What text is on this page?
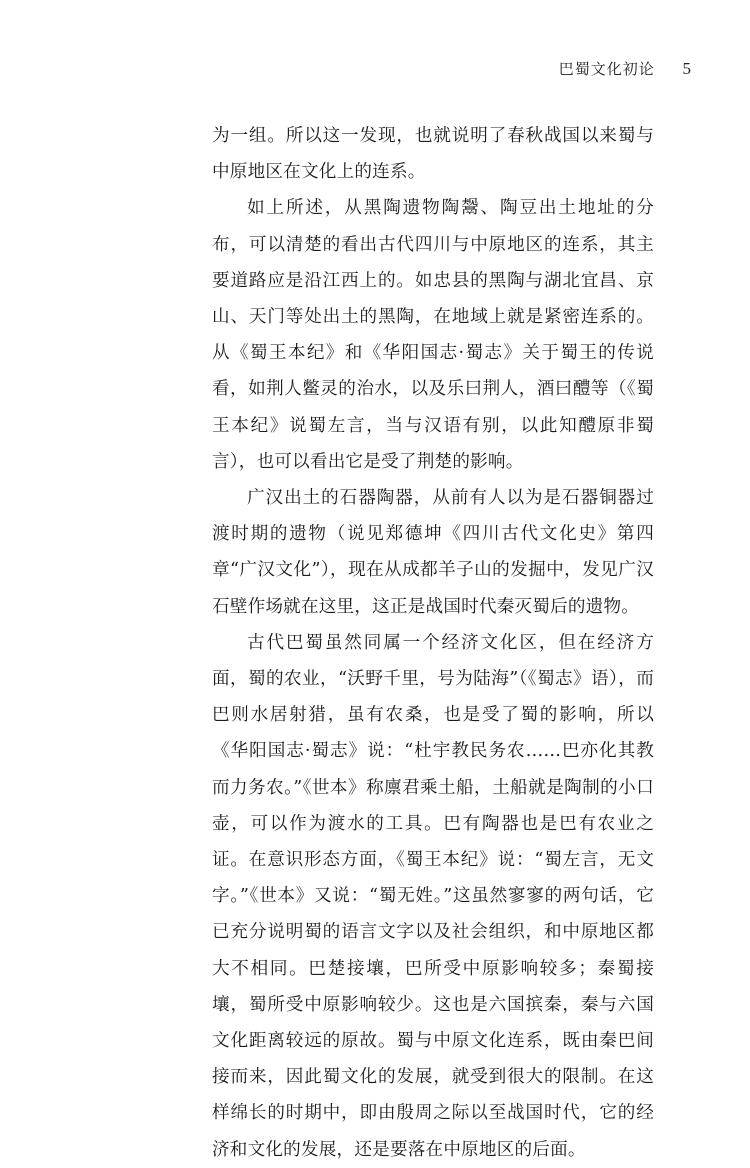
巴蜀文化初论 5

为一组。所以这一发现，也就说明了春秋战国以来蜀与中原地区在文化上的连系。

如上所述，从黑陶遗物陶鬶、陶豆出土地址的分布，可以清楚的看出古代四川与中原地区的连系，其主要道路应是沿江西上的。如忠县的黑陶与湖北宜昌、京山、天门等处出土的黑陶，在地域上就是紧密连系的。从《蜀王本纪》和《华阳国志·蜀志》关于蜀王的传说看，如荆人鳖灵的治水，以及乐曰荆人，酒曰醴等（《蜀王本纪》说蜀左言，当与汉语有别，以此知醴原非蜀言），也可以看出它是受了荆楚的影响。

广汉出土的石器陶器，从前有人以为是石器铜器过渡时期的遗物（说见郑德坤《四川古代文化史》第四章“广汉文化”），现在从成都羊子山的发掘中，发见广汉石壁作场就在这里，这正是战国时代秦灭蜀后的遗物。

古代巴蜀虽然同属一个经济文化区，但在经济方面，蜀的农业，“沃野千里，号为陆海”（《蜀志》语），而巴则水居射猎，虽有农桑，也是受了蜀的影响，所以《华阳国志·蜀志》说：“杜宇教民务农……巴亦化其教而力务农。”《世本》称廪君乘土船，土船就是陶制的小口壶，可以作为渡水的工具。巴有陶器也是巴有农业之证。在意识形态方面，《蜀王本纪》说：“蜀左言，无文字。”《世本》又说：“蜀无姓。”这虽然寥寥的两句话，它已充分说明蜀的语言文字以及社会组织，和中原地区都大不相同。巴楚接壤，巴所受中原影响较多；秦蜀接壤，蜀所受中原影响较少。这也是六国摈秦，秦与六国文化距离较远的原故。蜀与中原文化连系，既由秦巴间接而来，因此蜀文化的发展，就受到很大的限制。在这样绵长的时期中，即由殷周之际以至战国时代，它的经济和文化的发展，还是要落在中原地区的后面。
